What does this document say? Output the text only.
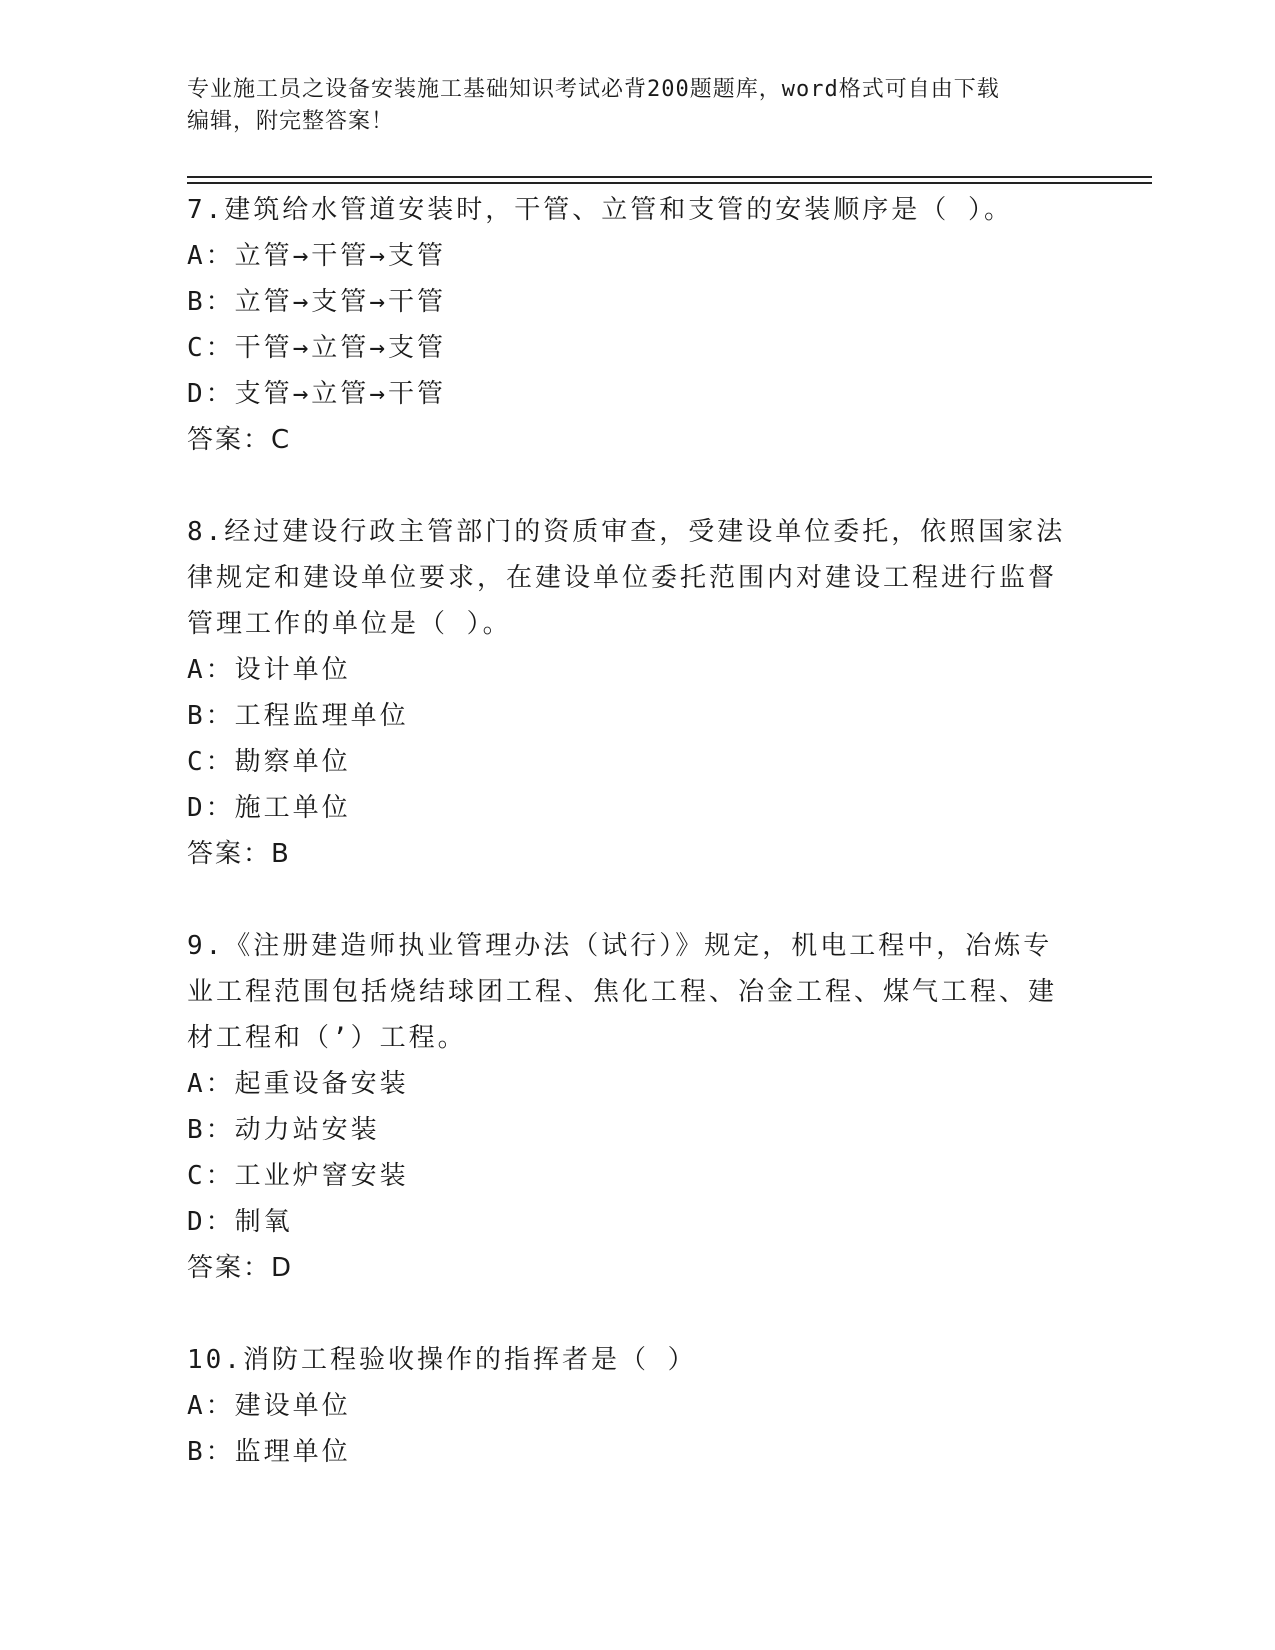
专业施工员之设备安装施工基础知识考试必背200题题库，word格式可自由下载
编辑，附完整答案！
7.建筑给水管道安装时，干管、立管和支管的安装顺序是（ ）。
A：立管→干管→支管
B：立管→支管→干管
C：干管→立管→支管
D：支管→立管→干管
答案：C
8.经过建设行政主管部门的资质审查，受建设单位委托，依照国家法
律规定和建设单位要求，在建设单位委托范围内对建设工程进行监督
管理工作的单位是（ ）。
A：设计单位
B：工程监理单位
C：勘察单位
D：施工单位
答案：B
9.《注册建造师执业管理办法（试行）》规定，机电工程中，冶炼专
业工程范围包括烧结球团工程、焦化工程、冶金工程、煤气工程、建
材工程和（’）工程。
A：起重设备安装
B：动力站安装
C：工业炉窨安装
D：制氧
答案：D
10.消防工程验收操作的指挥者是（ ）
A：建设单位
B：监理单位
